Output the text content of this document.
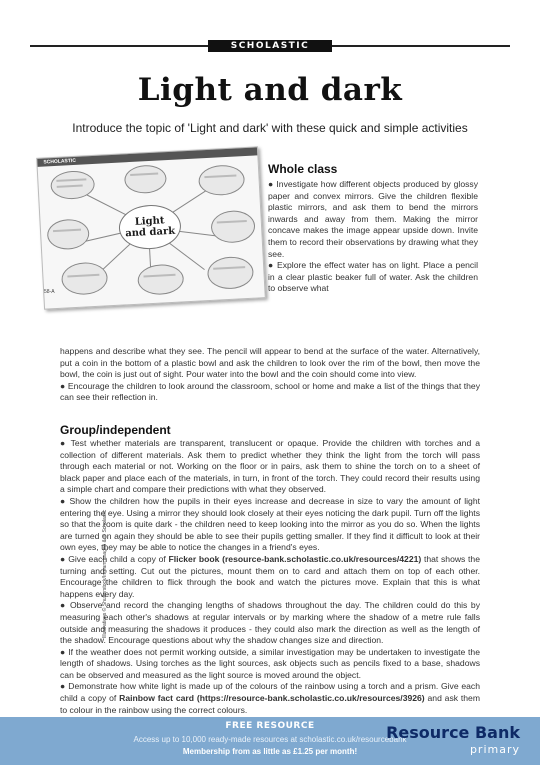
SCHOLASTIC
Light and dark
Introduce the topic of 'Light and dark' with these quick and simple activities
SCHOLASTIC
Light
and dark
58-A
Whole class

● Investigate how different objects produced by glossy paper and convex mirrors. Give the children flexible plastic mirrors, and ask them to bend the mirrors inwards and away from them. Making the mirror concave makes the image appear upside down. Invite them to record their observations by drawing what they see.

● Explore the effect water has on light. Place a pencil in a clear plastic beaker full of water. Ask the children to observe what

happens and describe what they see. The pencil will appear to bend at the surface of the water. Alternatively, put a coin in the bottom of a plastic bowl and ask the children to look over the rim of the bowl, then move the bowl, the coin is just out of sight. Pour water into the bowl and the coin should come into view.

● Encourage the children to look around the classroom, school or home and make a list of the things that they can see their reflection in.

Group/independent

● Test whether materials are transparent, translucent or opaque. Provide the children with torches and a collection of different materials. Ask them to predict whether they think the light from the torch will pass through each material or not. Working on the floor or in pairs, ask them to shine the torch on to a sheet of black paper and place each of the materials, in turn, in front of the torch. They could record their results using a simple chart and compare their predictions with what they observed.

● Show the children how the pupils in their eyes increase and decrease in size to vary the amount of light entering the eye. Using a mirror they should look closely at their eyes noticing the dark pupil. Turn off the lights so that the room is quite dark - the children need to keep looking into the mirror as you do so. When the lights are turned on again they should be able to see their pupils getting smaller. If they find it difficult to look at their own eyes, they may be able to notice the changes in a friend's eyes.

● Give each child a copy of Flicker book (resource-bank.scholastic.co.uk/resources/4221) that shows the turning and setting. Cut out the pictures, mount them on to card and attach them on top of each other. Encourage the children to flick through the book and watch the pictures move. Explain that this is what happens every day.

● Observe and record the changing lengths of shadows throughout the day. The children could do this by measuring each other's shadows at regular intervals or by marking where the shadow of a metre rule falls outside and measuring the shadows it produces - they could also mark the direction as well as the length of the shadow. Encourage questions about why the shadow changes size and direction.

● If the weather does not permit working outside, a similar investigation may be undertaken to investigate the length of shadows. Using torches as the light sources, ask objects such as pencils fixed to a base, shadows can be observed and measured as the light source is moved around the object.

● Demonstrate how white light is made up of the colours of the rainbow using a torch and a prism. Give each child a copy of Rainbow fact card (https://resource-bank.scholastic.co.uk/resources/3926) and ask them to colour in the rainbow using the correct colours.

Illustrations © Shutterstock/Ingram Images & © Scholastic
FREE RESOURCE
Access up to 10,000 ready-made resources at scholastic.co.uk/resourcebank
Membership from as little as £1.25 per month!
Resource Bank
primary
